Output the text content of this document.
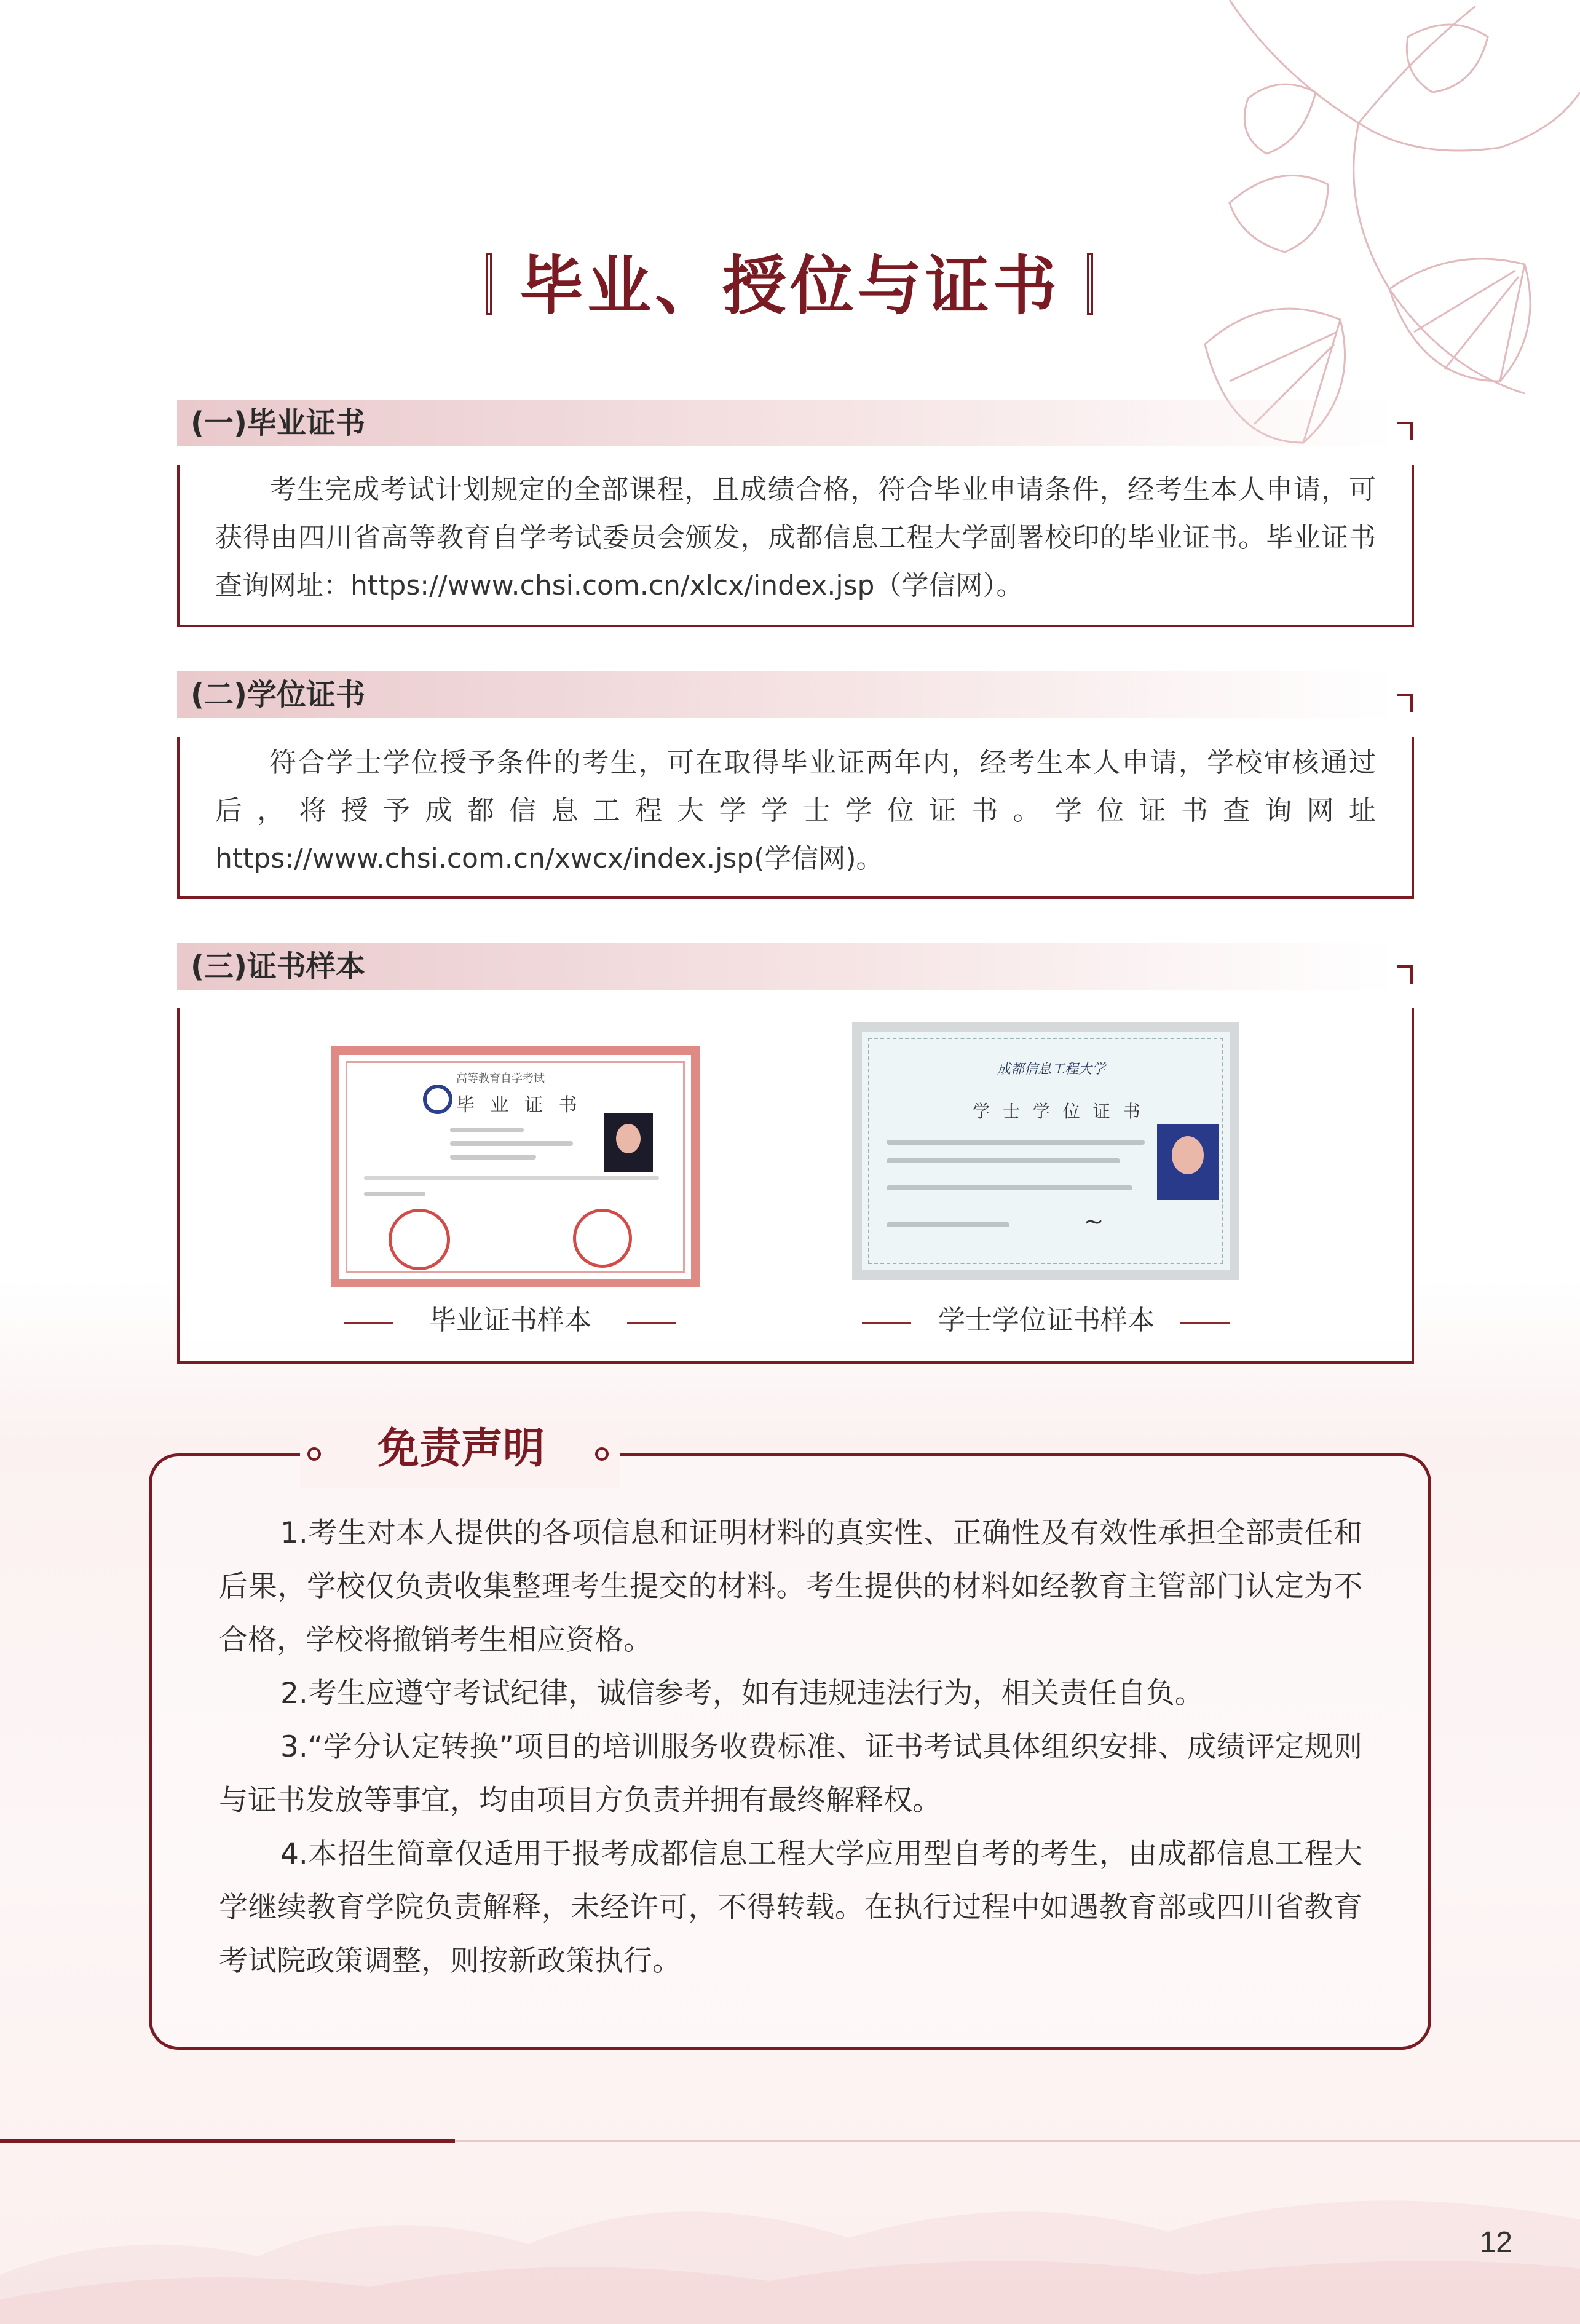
毕业、授位与证书
(一)毕业证书

考生完成考试计划规定的全部课程，且成绩合格，符合毕业申请条件，经考生本人申请，可获得由四川省高等教育自学考试委员会颁发，成都信息工程大学副署校印的毕业证书。毕业证书查询网址：https://www.chsi.com.cn/xlcx/index.jsp（学信网）。

(二)学位证书

符合学士学位授予条件的考生，可在取得毕业证两年内，经考生本人申请，学校审核通过后，将授予成都信息工程大学学士学位证书。学位证书查询网址https://www.chsi.com.cn/xwcx/index.jsp(学信网)。

(三)证书样本
高等教育自学考试
毕 业 证 书
成都信息工程大学
学 士 学 位 证 书
~
毕业证书样本	学士学位证书样本
免责声明

1.考生对本人提供的各项信息和证明材料的真实性、正确性及有效性承担全部责任和后果，学校仅负责收集整理考生提交的材料。考生提供的材料如经教育主管部门认定为不合格，学校将撤销考生相应资格。

2.考生应遵守考试纪律，诚信参考，如有违规违法行为，相关责任自负。

3.“学分认定转换”项目的培训服务收费标准、证书考试具体组织安排、成绩评定规则与证书发放等事宜，均由项目方负责并拥有最终解释权。

4.本招生简章仅适用于报考成都信息工程大学应用型自考的考生，由成都信息工程大学继续教育学院负责解释，未经许可，不得转载。在执行过程中如遇教育部或四川省教育考试院政策调整，则按新政策执行。

12
